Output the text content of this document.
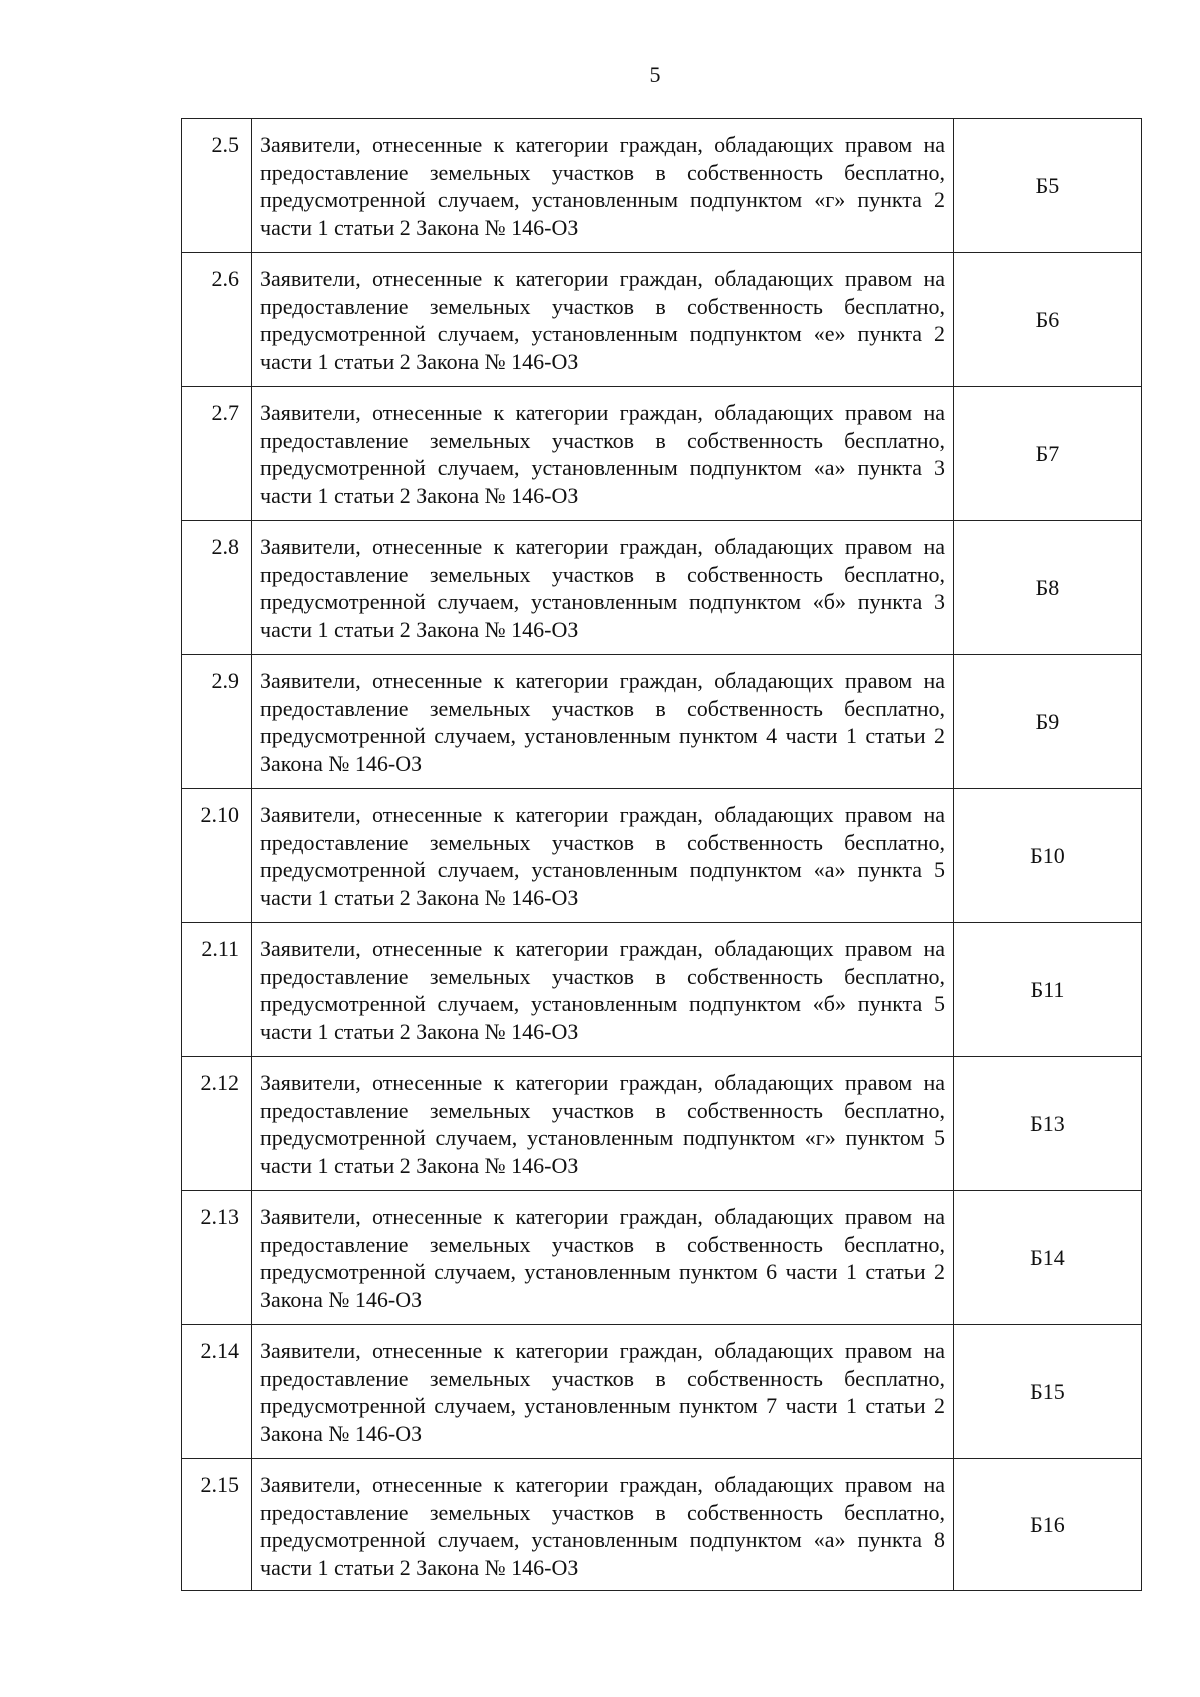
5
2.5	Заявители, отнесенные к категории граждан, обладающих правом на предоставление земельных участков в собственность бесплатно, предусмотренной случаем, установленным подпунктом «г» пункта 2 части 1 статьи 2 Закона № 146-ОЗ	Б5
2.6	Заявители, отнесенные к категории граждан, обладающих правом на предоставление земельных участков в собственность бесплатно, предусмотренной случаем, установленным подпунктом «е» пункта 2 части 1 статьи 2 Закона № 146-ОЗ	Б6
2.7	Заявители, отнесенные к категории граждан, обладающих правом на предоставление земельных участков в собственность бесплатно, предусмотренной случаем, установленным подпунктом «а» пункта 3 части 1 статьи 2 Закона № 146-ОЗ	Б7
2.8	Заявители, отнесенные к категории граждан, обладающих правом на предоставление земельных участков в собственность бесплатно, предусмотренной случаем, установленным подпунктом «б» пункта 3 части 1 статьи 2 Закона № 146-ОЗ	Б8
2.9	Заявители, отнесенные к категории граждан, обладающих правом на предоставление земельных участков в собственность бесплатно, предусмотренной случаем, установленным пунктом 4 части 1 статьи 2 Закона № 146-ОЗ	Б9
2.10	Заявители, отнесенные к категории граждан, обладающих правом на предоставление земельных участков в собственность бесплатно, предусмотренной случаем, установленным подпунктом «а» пункта 5 части 1 статьи 2 Закона № 146-ОЗ	Б10
2.11	Заявители, отнесенные к категории граждан, обладающих правом на предоставление земельных участков в собственность бесплатно, предусмотренной случаем, установленным подпунктом «б» пункта 5 части 1 статьи 2 Закона № 146-ОЗ	Б11
2.12	Заявители, отнесенные к категории граждан, обладающих правом на предоставление земельных участков в собственность бесплатно, предусмотренной случаем, установленным подпунктом «г» пунктом 5 части 1 статьи 2 Закона № 146-ОЗ	Б13
2.13	Заявители, отнесенные к категории граждан, обладающих правом на предоставление земельных участков в собственность бесплатно, предусмотренной случаем, установленным пунктом 6 части 1 статьи 2 Закона № 146-ОЗ	Б14
2.14	Заявители, отнесенные к категории граждан, обладающих правом на предоставление земельных участков в собственность бесплатно, предусмотренной случаем, установленным пунктом 7 части 1 статьи 2 Закона № 146-ОЗ	Б15
2.15	Заявители, отнесенные к категории граждан, обладающих правом на предоставление земельных участков в собственность бесплатно, предусмотренной случаем, установленным подпунктом «а» пункта 8 части 1 статьи 2 Закона № 146-ОЗ	Б16
